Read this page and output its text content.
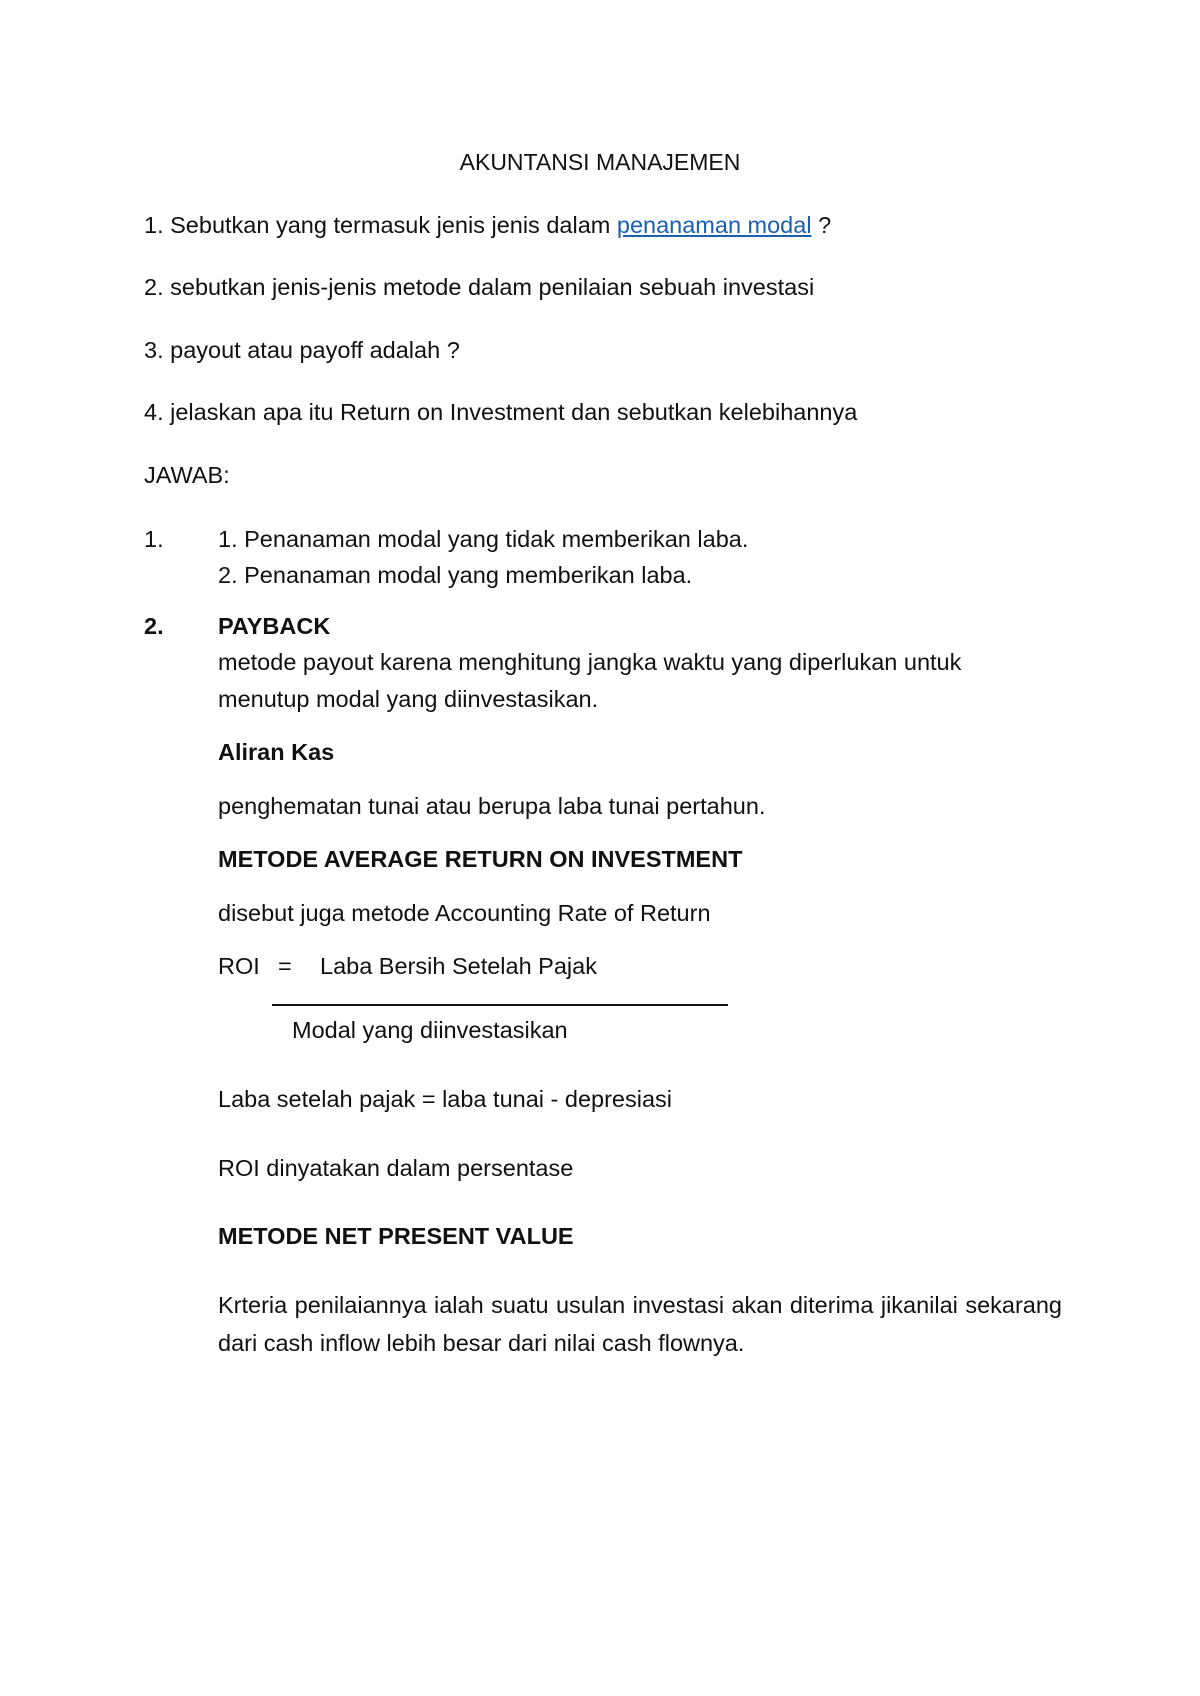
AKUNTANSI MANAJEMEN
1. Sebutkan yang termasuk jenis jenis dalam penanaman modal ?
2. sebutkan jenis-jenis metode dalam penilaian sebuah investasi
3. payout atau payoff adalah ?
4. jelaskan apa itu Return on Investment dan sebutkan kelebihannya
JAWAB:
1. 1. Penanaman modal yang tidak memberikan laba.
2. Penanaman modal yang memberikan laba.
2. PAYBACK
metode payout karena menghitung jangka waktu yang diperlukan untuk
menutup modal yang diinvestasikan.
Aliran Kas
penghematan tunai atau berupa laba tunai pertahun.
METODE AVERAGE RETURN ON INVESTMENT
disebut juga metode Accounting Rate of Return
ROI = Laba Bersih Setelah Pajak
Modal yang diinvestasikan
Laba setelah pajak = laba tunai - depresiasi
ROI dinyatakan dalam persentase
METODE NET PRESENT VALUE
Krteria penilaiannya ialah suatu usulan investasi akan diterima jikanilai sekarang dari cash inflow lebih besar dari nilai cash flownya.
